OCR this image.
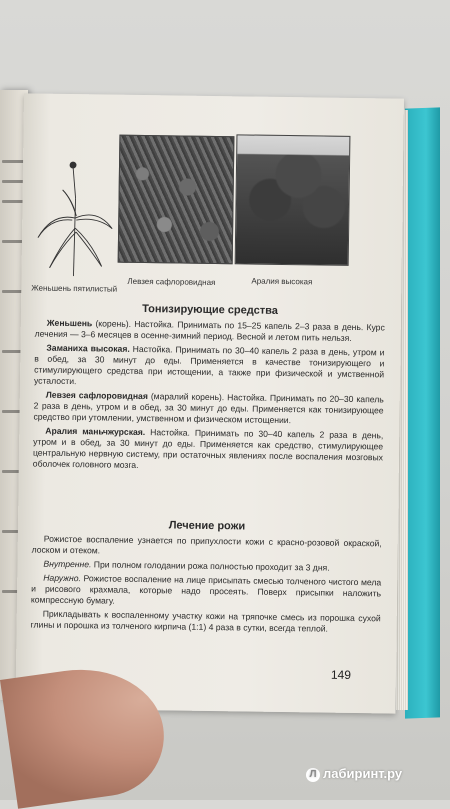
Женьшень пятилистый
Левзея сафлоровидная	Аралия высокая
Тонизирующие средства

Женьшень (корень). Настойка. Принимать по 15–25 капель 2–3 раза в день. Курс лечения — 3–6 месяцев в осенне-зимний период. Весной и летом пить нельзя.

Заманиха высокая. Настойка. Принимать по 30–40 капель 2 раза в день, утром и в обед, за 30 минут до еды. Применяется в качестве тонизирующего и стимулирующего средства при истощении, а также при физической и умственной усталости.

Левзея сафлоровидная (маралий корень). Настойка. Принимать по 20–30 капель 2 раза в день, утром и в обед, за 30 минут до еды. Применяется как тонизирующее средство при утомлении, умственном и физическом истощении.

Аралия маньчжурская. Настойка. Принимать по 30–40 капель 2 раза в день, утром и в обед, за 30 минут до еды. Применяется как средство, стимулирующее центральную нервную систему, при остаточных явлениях после воспаления мозговых оболочек головного мозга.

Лечение рожи

Рожистое воспаление узнается по припухлости кожи с красно-розовой окраской, лоском и отеком.

Внутренне. При полном голодании рожа полностью проходит за 3 дня.

Наружно. Рожистое воспаление на лице присыпать смесью толченого чистого мела и рисового крахмала, которые надо просеять. Поверх присыпки наложить компрессную бумагу.

Прикладывать к воспаленному участку кожи на тряпочке смесь из порошка сухой глины и порошка из толченого кирпича (1:1) 4 раза в сутки, всегда теплой.

149
Л лабиринт.ру
